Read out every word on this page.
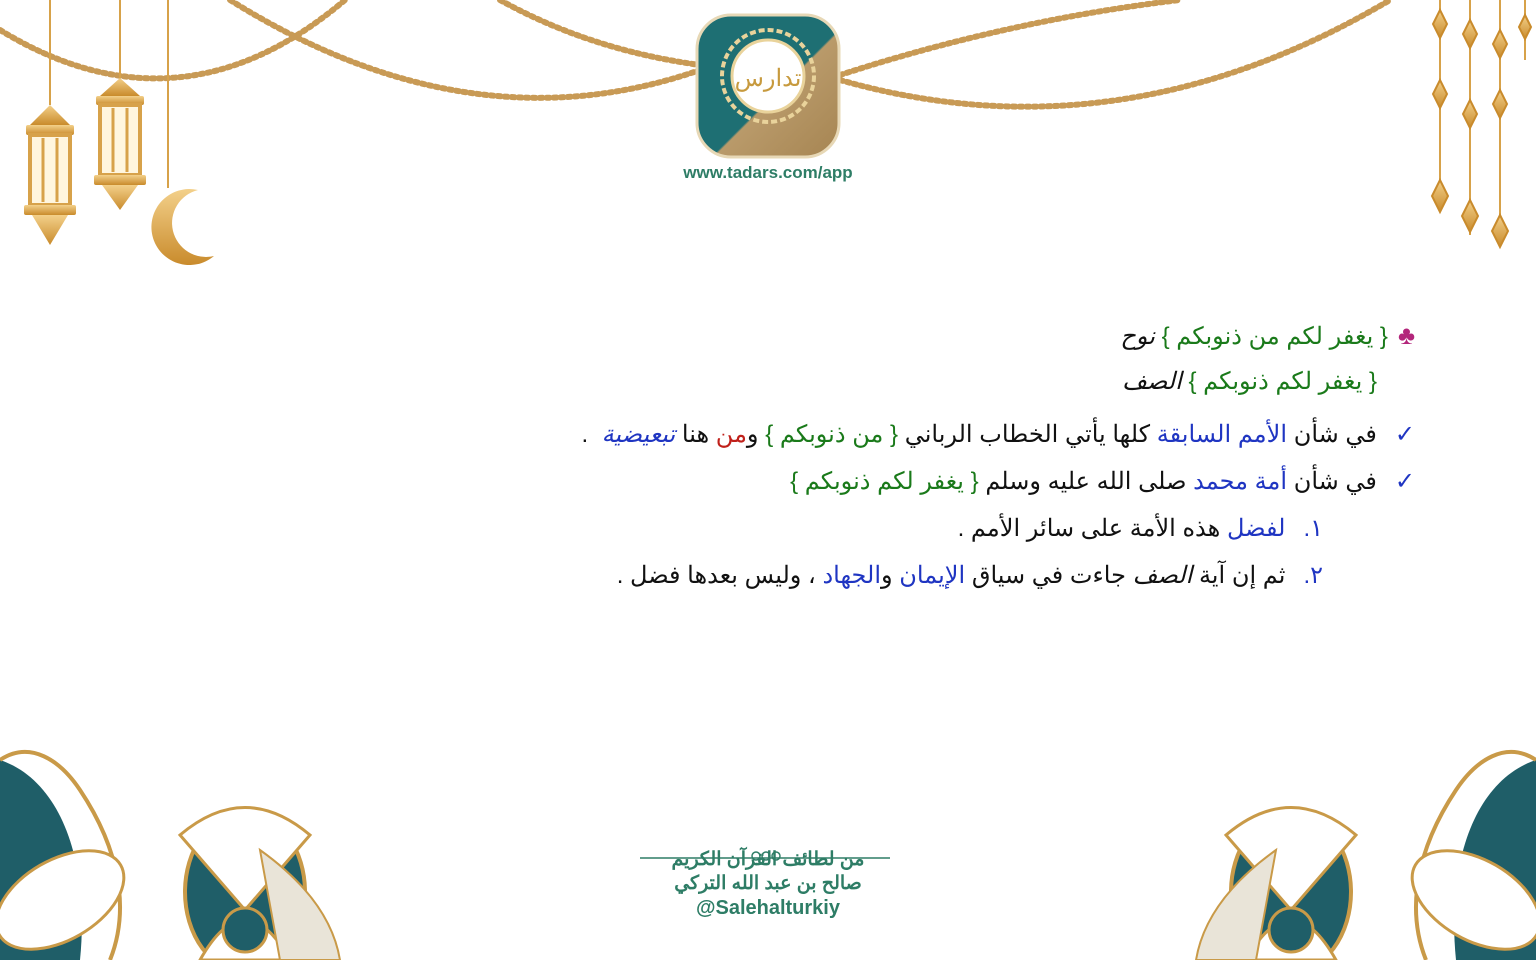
تدارس
www.tadars.com/app
♣{ يغفر لكم من ذنوبكم } نوح
{ يغفر لكم ذنوبكم } الصف
✓في شأن الأمم السابقة كلها يأتي الخطاب الرباني { من ذنوبكم } ومن هنا تبعيضية  .
✓في شأن أمة محمد صلى الله عليه وسلم { يغفر لكم ذنوبكم }
١.لفضل هذه الأمة على سائر الأمم .
٢.ثم إن آية الصف جاءت في سياق الإيمان والجهاد ، وليس بعدها فضل .
من لطائف القرآن الكريم
صالح بن عبد الله التركي
@Salehalturkiy
